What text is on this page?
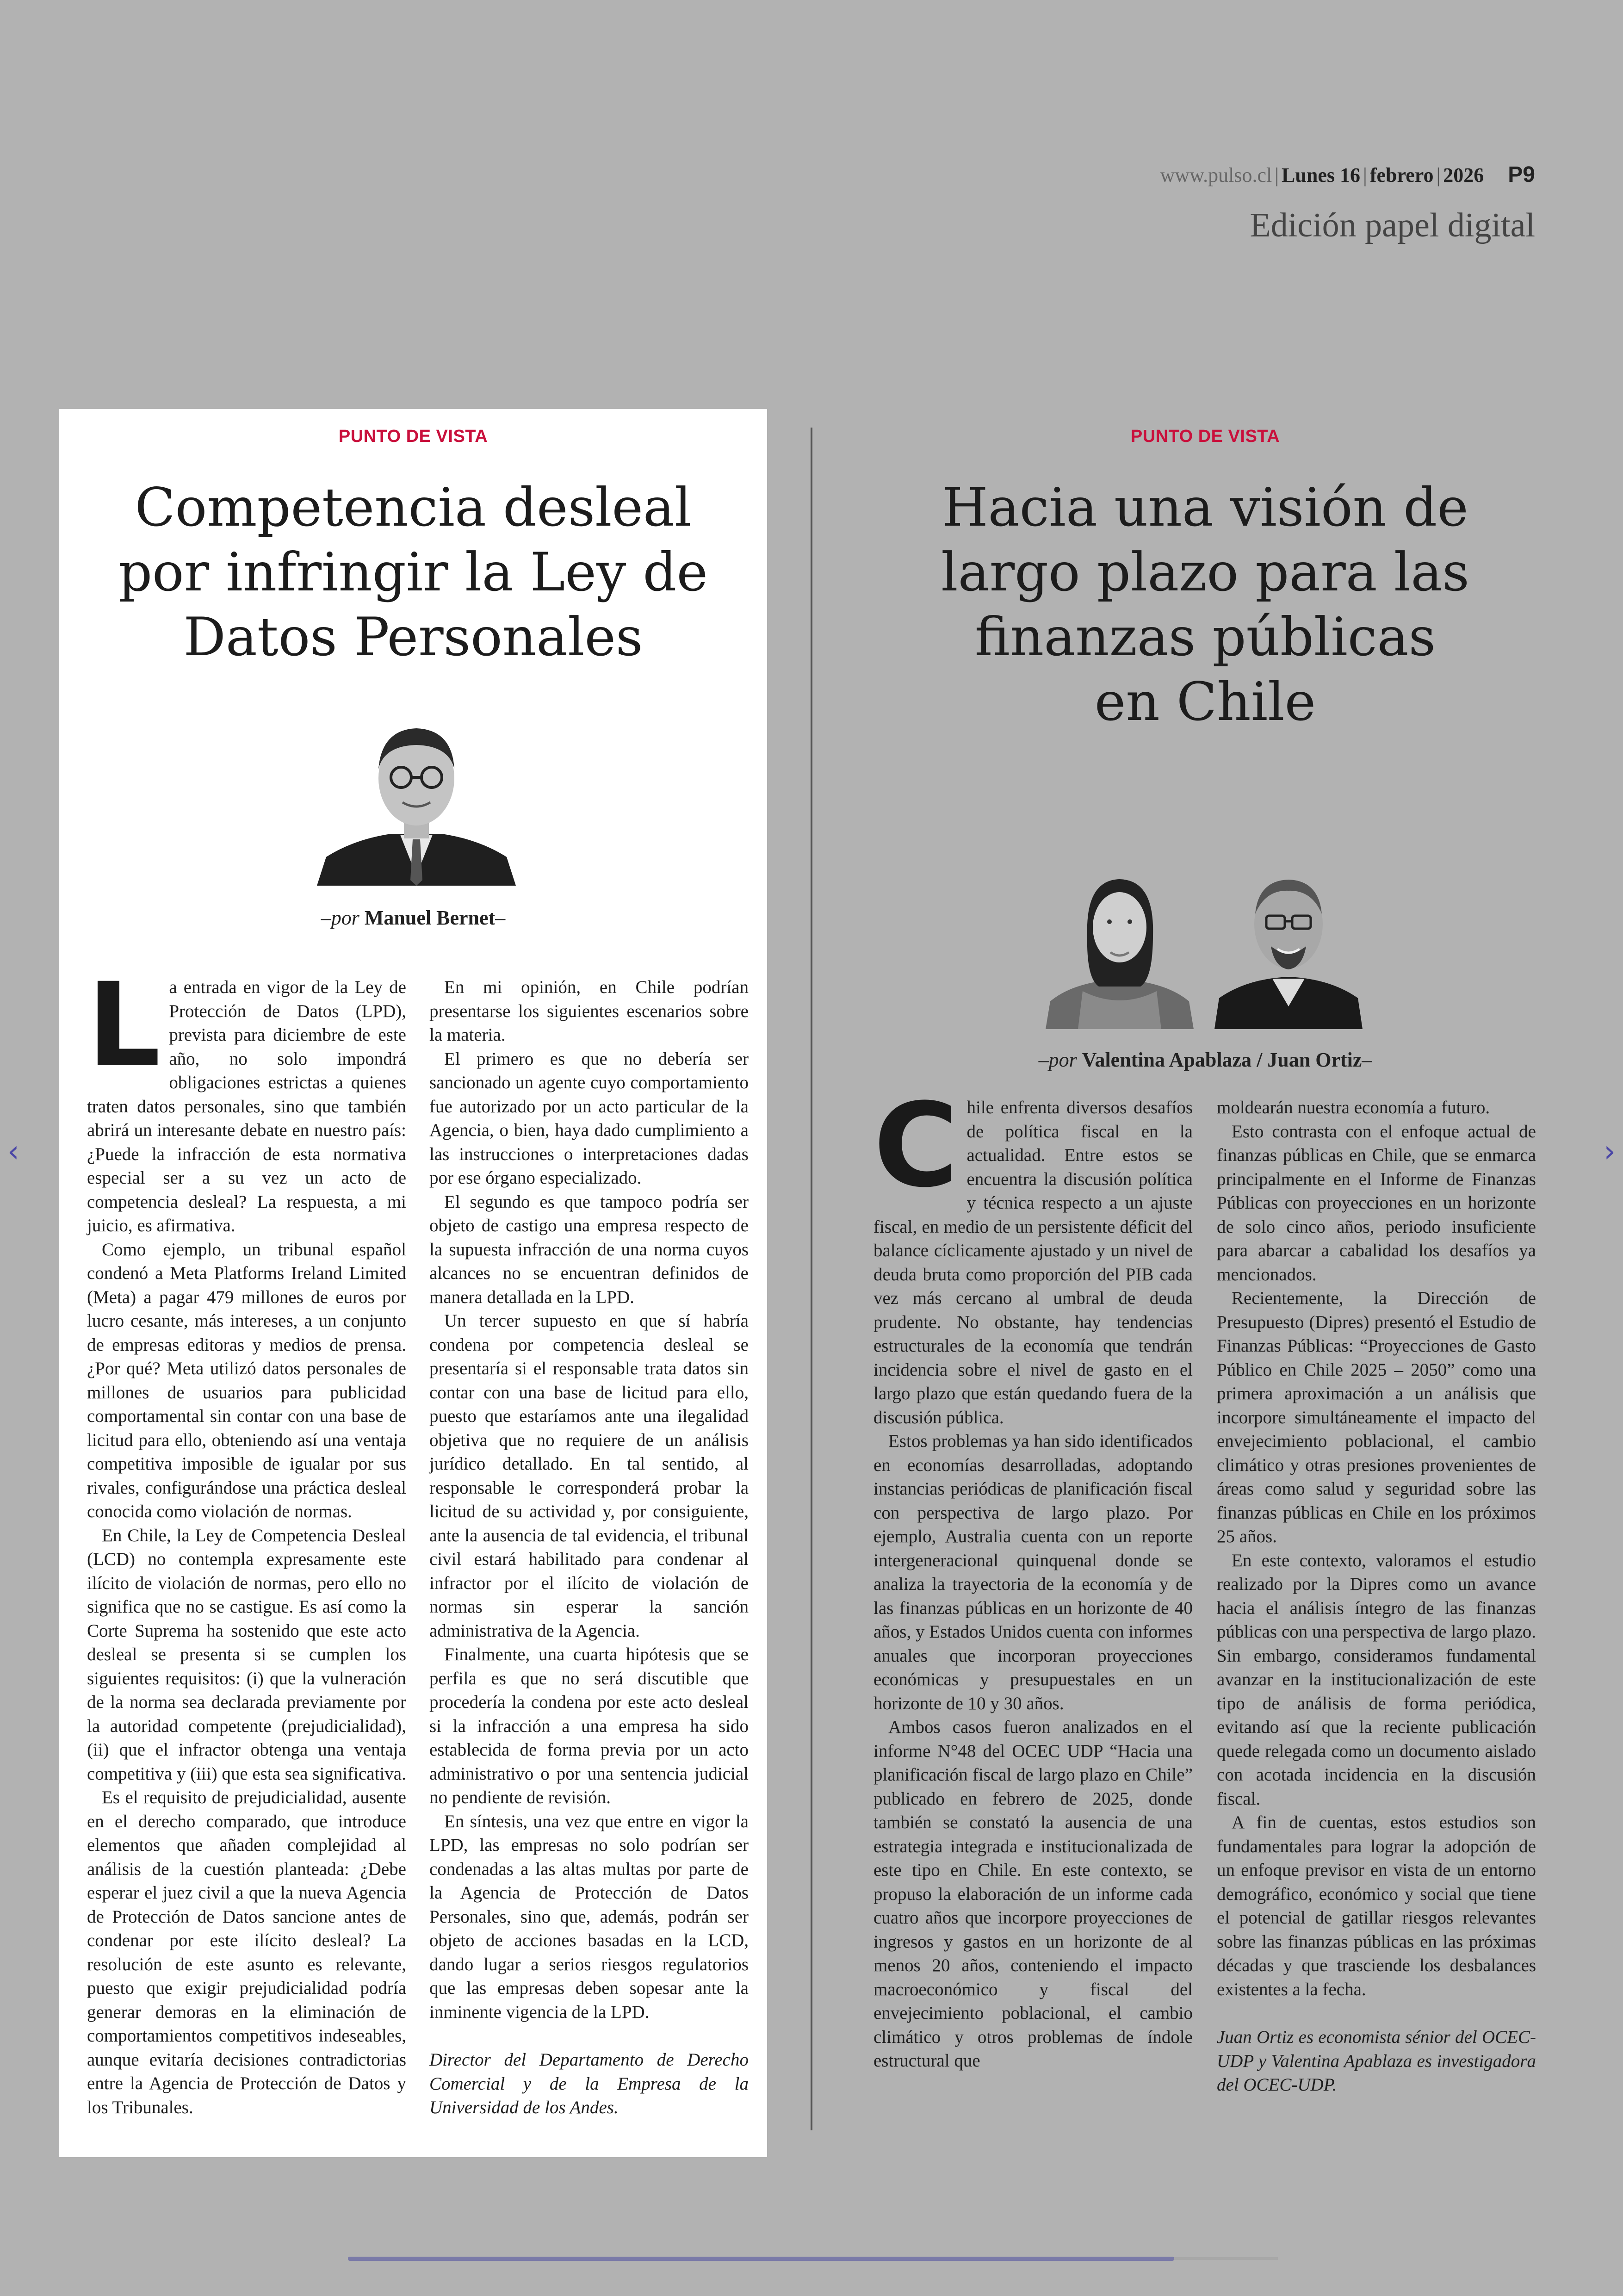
www.pulso.cl | Lunes 16 | febrero | 2026 P9
Edición papel digital
PUNTO DE VISTA
Competencia desleal
por infringir la Ley de
Datos Personales
–por Manuel Bernet–
L a entrada en vigor de la Ley de Protección de Datos (LPD), prevista para diciembre de este año, no solo impondrá obligaciones estrictas a quienes traten datos personales, sino que también abrirá un interesante debate en nuestro país: ¿Puede la infracción de esta normativa especial ser a su vez un acto de competencia desleal? La respuesta, a mi juicio, es afirmativa.

Como ejemplo, un tribunal español condenó a Meta Platforms Ireland Limited (Meta) a pagar 479 millones de euros por lucro cesante, más intereses, a un conjunto de empresas editoras y medios de prensa. ¿Por qué? Meta utilizó datos personales de millones de usuarios para publicidad comportamental sin contar con una base de licitud para ello, obteniendo así una ventaja competitiva imposible de igualar por sus rivales, configurándose una práctica desleal conocida como violación de normas.

En Chile, la Ley de Competencia Desleal (LCD) no contempla expresamente este ilícito de violación de normas, pero ello no significa que no se castigue. Es así como la Corte Suprema ha sostenido que este acto desleal se presenta si se cumplen los siguientes requisitos: (i) que la vulneración de la norma sea declarada previamente por la autoridad competente (prejudicialidad), (ii) que el infractor obtenga una ventaja competitiva y (iii) que esta sea significativa.

Es el requisito de prejudicialidad, ausente en el derecho comparado, que introduce elementos que añaden complejidad al análisis de la cuestión planteada: ¿Debe esperar el juez civil a que la nueva Agencia de Protección de Datos sancione antes de condenar por este ilícito desleal? La resolución de este asunto es relevante, puesto que exigir prejudicialidad podría generar demoras en la eliminación de comportamientos competitivos indeseables, aunque evitaría decisiones contradictorias entre la Agencia de Protección de Datos y los Tribunales.

En mi opinión, en Chile podrían presentarse los siguientes escenarios sobre la materia.

El primero es que no debería ser sancionado un agente cuyo comportamiento fue autorizado por un acto particular de la Agencia, o bien, haya dado cumplimiento a las instrucciones o interpretaciones dadas por ese órgano especializado.

El segundo es que tampoco podría ser objeto de castigo una empresa respecto de la supuesta infracción de una norma cuyos alcances no se encuentran definidos de manera detallada en la LPD.

Un tercer supuesto en que sí habría condena por competencia desleal se presentaría si el responsable trata datos sin contar con una base de licitud para ello, puesto que estaríamos ante una ilegalidad objetiva que no requiere de un análisis jurídico detallado. En tal sentido, al responsable le corresponderá probar la licitud de su actividad y, por consiguiente, ante la ausencia de tal evidencia, el tribunal civil estará habilitado para condenar al infractor por el ilícito de violación de normas sin esperar la sanción administrativa de la Agencia.

Finalmente, una cuarta hipótesis que se perfila es que no será discutible que procedería la condena por este acto desleal si la infracción a una empresa ha sido establecida de forma previa por un acto administrativo o por una sentencia judicial no pendiente de revisión.

En síntesis, una vez que entre en vigor la LPD, las empresas no solo podrían ser condenadas a las altas multas por parte de la Agencia de Protección de Datos Personales, sino que, además, podrán ser objeto de acciones basadas en la LCD, dando lugar a serios riesgos regulatorios que las empresas deben sopesar ante la inminente vigencia de la LPD.

Director del Departamento de Derecho Comercial y de la Empresa de la Universidad de los Andes.

PUNTO DE VISTA
Hacia una visión de
largo plazo para las
finanzas públicas
en Chile
–por Valentina Apablaza / Juan Ortiz–
C hile enfrenta diversos desafíos de política fiscal en la actualidad. Entre estos se encuentra la discusión política y técnica respecto a un ajuste fiscal, en medio de un persistente déficit del balance cíclicamente ajustado y un nivel de deuda bruta como proporción del PIB cada vez más cercano al umbral de deuda prudente. No obstante, hay tendencias estructurales de la economía que tendrán incidencia sobre el nivel de gasto en el largo plazo que están quedando fuera de la discusión pública.

Estos problemas ya han sido identificados en economías desarrolladas, adoptando instancias periódicas de planificación fiscal con perspectiva de largo plazo. Por ejemplo, Australia cuenta con un reporte intergeneracional quinquenal donde se analiza la trayectoria de la economía y de las finanzas públicas en un horizonte de 40 años, y Estados Unidos cuenta con informes anuales que incorporan proyecciones económicas y presupuestales en un horizonte de 10 y 30 años.

Ambos casos fueron analizados en el informe N°48 del OCEC UDP “Hacia una planificación fiscal de largo plazo en Chile” publicado en febrero de 2025, donde también se constató la ausencia de una estrategia integrada e institucionalizada de este tipo en Chile. En este contexto, se propuso la elaboración de un informe cada cuatro años que incorpore proyecciones de ingresos y gastos en un horizonte de al menos 20 años, conteniendo el impacto macroeconómico y fiscal del envejecimiento poblacional, el cambio climático y otros problemas de índole estructural que

moldearán nuestra economía a futuro.

Esto contrasta con el enfoque actual de finanzas públicas en Chile, que se enmarca principalmente en el Informe de Finanzas Públicas con proyecciones en un horizonte de solo cinco años, periodo insuficiente para abarcar a cabalidad los desafíos ya mencionados.

Recientemente, la Dirección de Presupuesto (Dipres) presentó el Estudio de Finanzas Públicas: “Proyecciones de Gasto Público en Chile 2025 – 2050” como una primera aproximación a un análisis que incorpore simultáneamente el impacto del envejecimiento poblacional, el cambio climático y otras presiones provenientes de áreas como salud y seguridad sobre las finanzas públicas en Chile en los próximos 25 años.

En este contexto, valoramos el estudio realizado por la Dipres como un avance hacia el análisis íntegro de las finanzas públicas con una perspectiva de largo plazo. Sin embargo, consideramos fundamental avanzar en la institucionalización de este tipo de análisis de forma periódica, evitando así que la reciente publicación quede relegada como un documento aislado con acotada incidencia en la discusión fiscal.

A fin de cuentas, estos estudios son fundamentales para lograr la adopción de un enfoque previsor en vista de un entorno demográfico, económico y social que tiene el potencial de gatillar riesgos relevantes sobre las finanzas públicas en las próximas décadas y que trasciende los desbalances existentes a la fecha.

Juan Ortiz es economista sénior del OCEC-UDP y Valentina Apablaza es investigadora del OCEC-UDP.

‹	›
